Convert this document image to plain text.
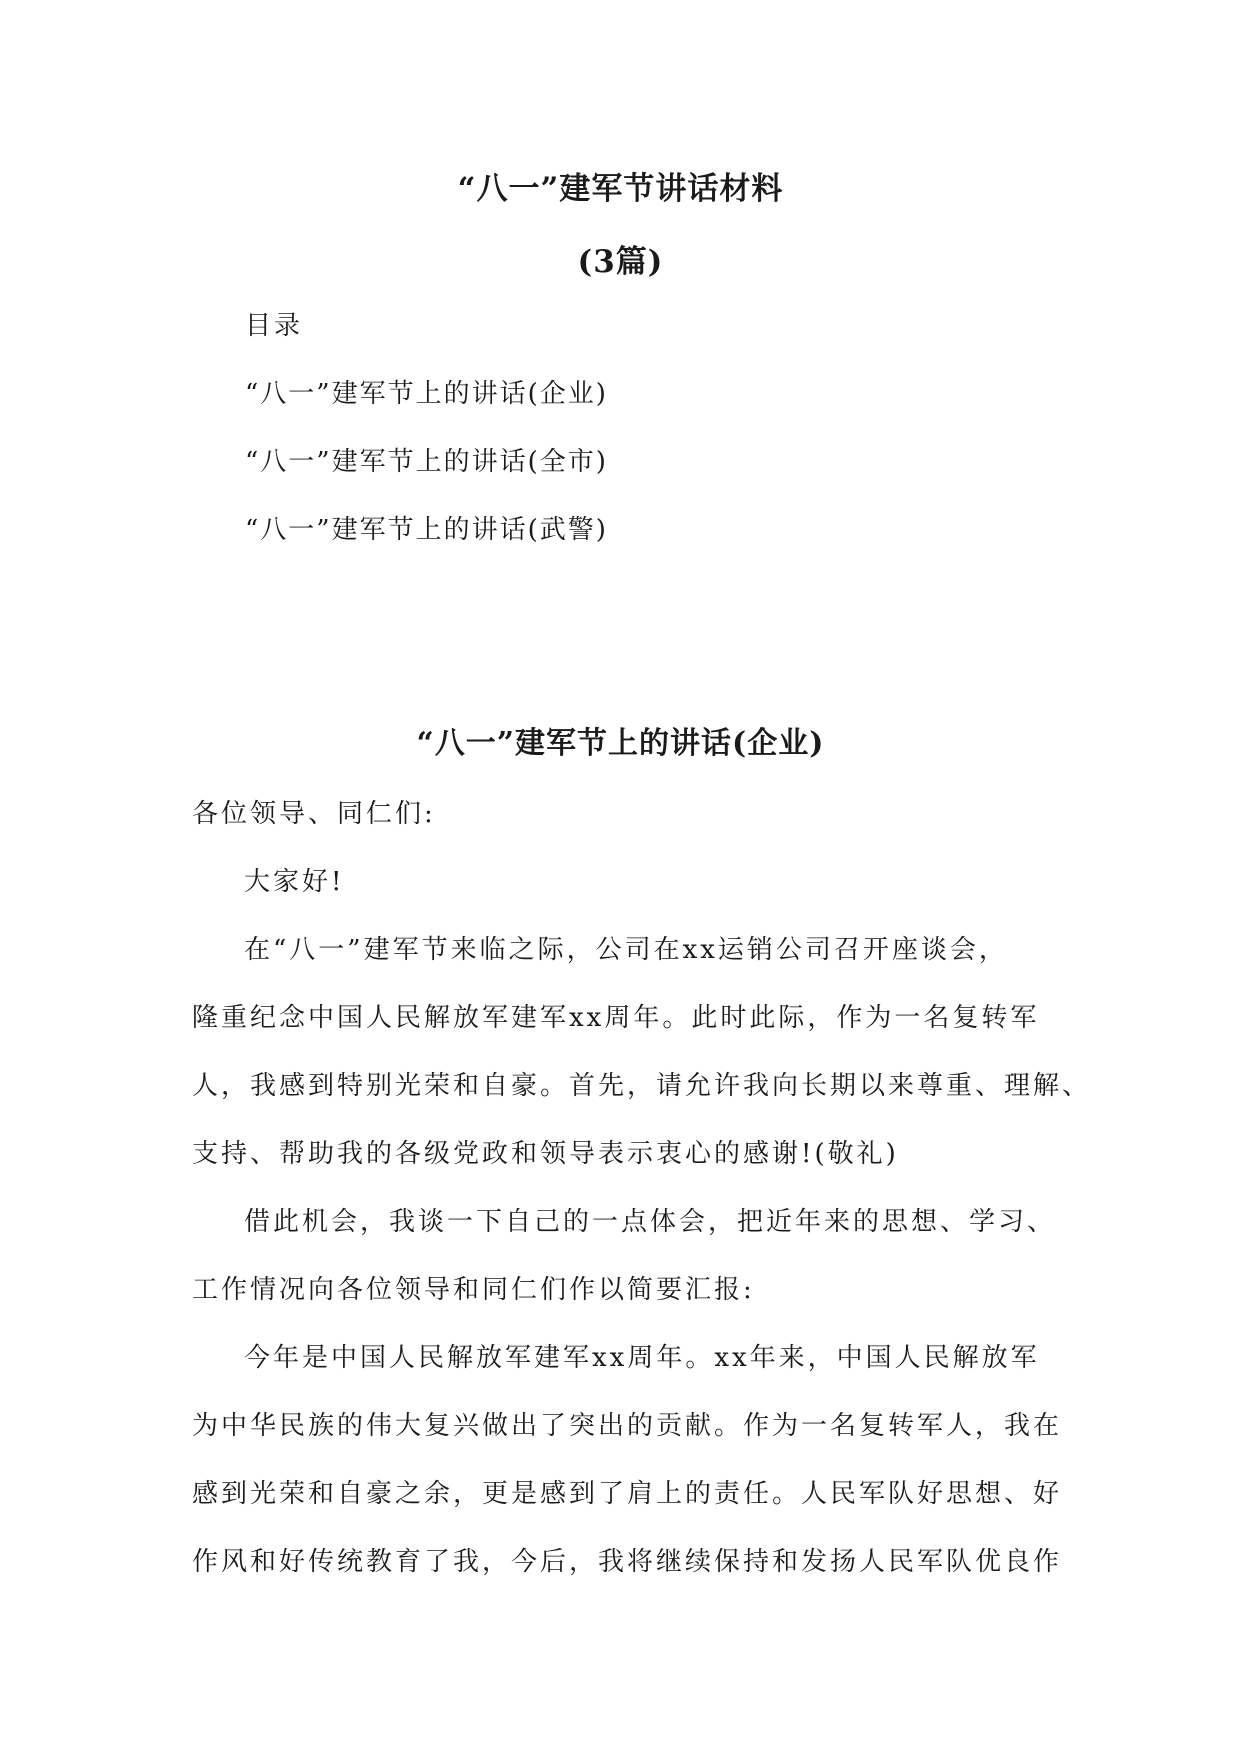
“八一”建军节讲话材料
(3篇)
目录
“八一”建军节上的讲话(企业)
“八一”建军节上的讲话(全市)
“八一”建军节上的讲话(武警)
“八一”建军节上的讲话(企业)

各位领导、同仁们:

大家好!

在“八一”建军节来临之际，公司在xx运销公司召开座谈会，
隆重纪念中国人民解放军建军xx周年。此时此际，作为一名复转军
人，我感到特别光荣和自豪。首先，请允许我向长期以来尊重、理解、
支持、帮助我的各级党政和领导表示衷心的感谢!(敬礼)

借此机会，我谈一下自己的一点体会，把近年来的思想、学习、
工作情况向各位领导和同仁们作以简要汇报:

今年是中国人民解放军建军xx周年。xx年来，中国人民解放军
为中华民族的伟大复兴做出了突出的贡献。作为一名复转军人，我在
感到光荣和自豪之余，更是感到了肩上的责任。人民军队好思想、好
作风和好传统教育了我，今后，我将继续保持和发扬人民军队优良作
